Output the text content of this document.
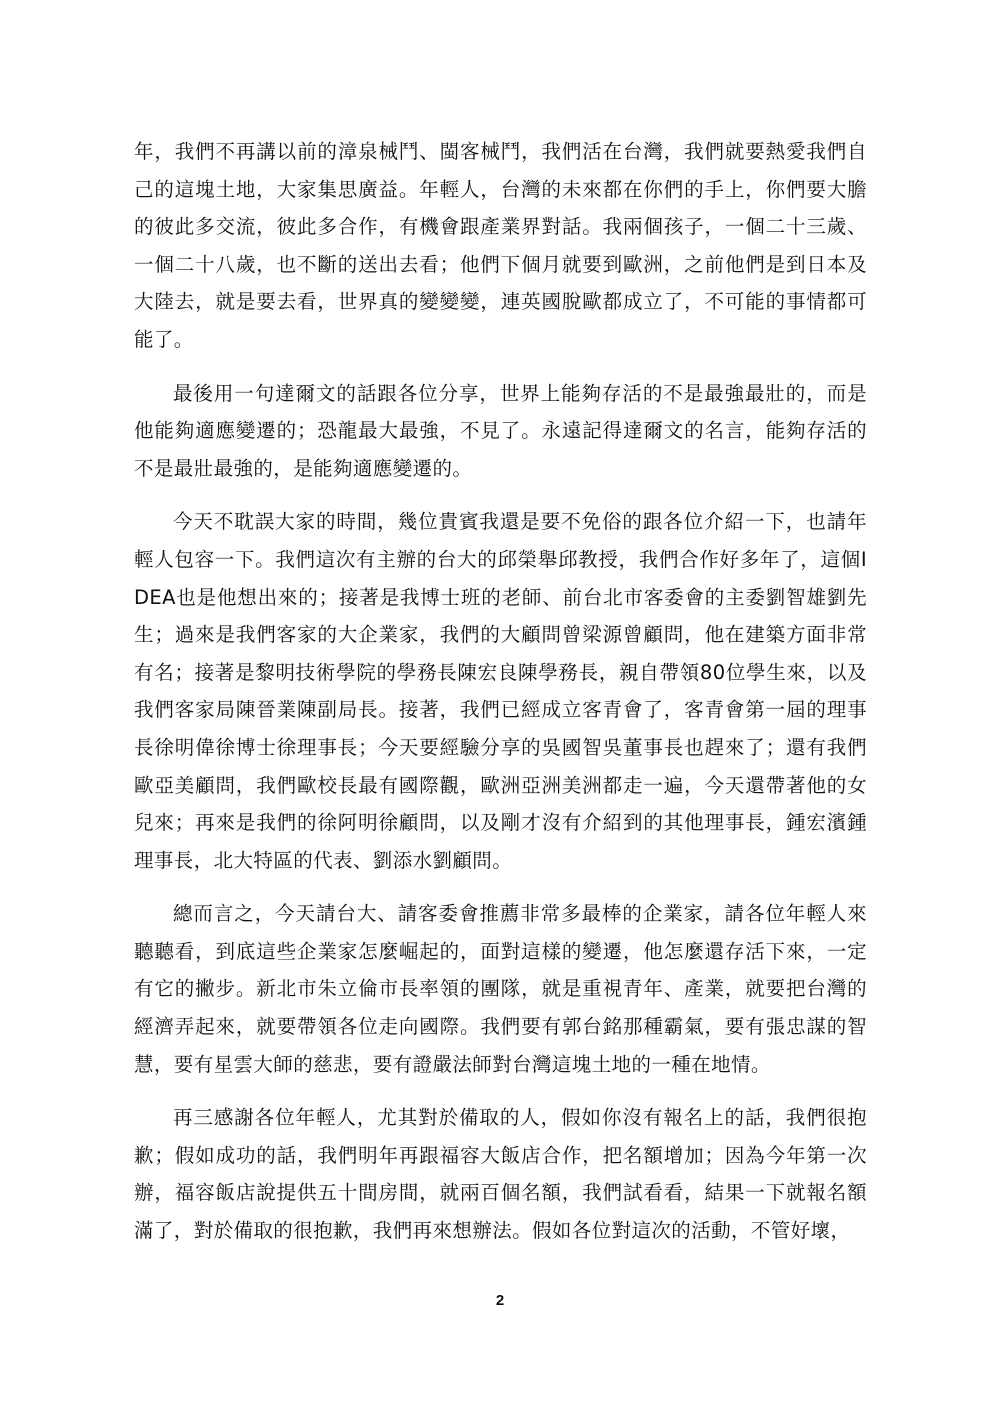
年，我們不再講以前的漳泉械鬥、閩客械鬥，我們活在台灣，我們就要熱愛我們自己的這塊土地，大家集思廣益。年輕人，台灣的未來都在你們的手上，你們要大膽的彼此多交流，彼此多合作，有機會跟產業界對話。我兩個孩子，一個二十三歲、一個二十八歲，也不斷的送出去看；他們下個月就要到歐洲，之前他們是到日本及大陸去，就是要去看，世界真的變變變，連英國脫歐都成立了，不可能的事情都可能了。

最後用一句達爾文的話跟各位分享，世界上能夠存活的不是最強最壯的，而是他能夠適應變遷的；恐龍最大最強，不見了。永遠記得達爾文的名言，能夠存活的不是最壯最強的，是能夠適應變遷的。

今天不耽誤大家的時間，幾位貴賓我還是要不免俗的跟各位介紹一下，也請年輕人包容一下。我們這次有主辦的台大的邱榮舉邱教授，我們合作好多年了，這個IDEA也是他想出來的；接著是我博士班的老師、前台北市客委會的主委劉智雄劉先生；過來是我們客家的大企業家，我們的大顧問曾梁源曾顧問，他在建築方面非常有名；接著是黎明技術學院的學務長陳宏良陳學務長，親自帶領80位學生來，以及我們客家局陳晉業陳副局長。接著，我們已經成立客青會了，客青會第一屆的理事長徐明偉徐博士徐理事長；今天要經驗分享的吳國智吳董事長也趕來了；還有我們歐亞美顧問，我們歐校長最有國際觀，歐洲亞洲美洲都走一遍，今天還帶著他的女兒來；再來是我們的徐阿明徐顧問，以及剛才沒有介紹到的其他理事長，鍾宏濱鍾理事長，北大特區的代表、劉添水劉顧問。

總而言之，今天請台大、請客委會推薦非常多最棒的企業家，請各位年輕人來聽聽看，到底這些企業家怎麼崛起的，面對這樣的變遷，他怎麼還存活下來，一定有它的撇步。新北市朱立倫市長率領的團隊，就是重視青年、產業，就要把台灣的經濟弄起來，就要帶領各位走向國際。我們要有郭台銘那種霸氣，要有張忠謀的智慧，要有星雲大師的慈悲，要有證嚴法師對台灣這塊土地的一種在地情。

再三感謝各位年輕人，尤其對於備取的人，假如你沒有報名上的話，我們很抱歉；假如成功的話，我們明年再跟福容大飯店合作，把名額增加；因為今年第一次辦，福容飯店說提供五十間房間，就兩百個名額，我們試看看，結果一下就報名額滿了，對於備取的很抱歉，我們再來想辦法。假如各位對這次的活動，不管好壞，

2
